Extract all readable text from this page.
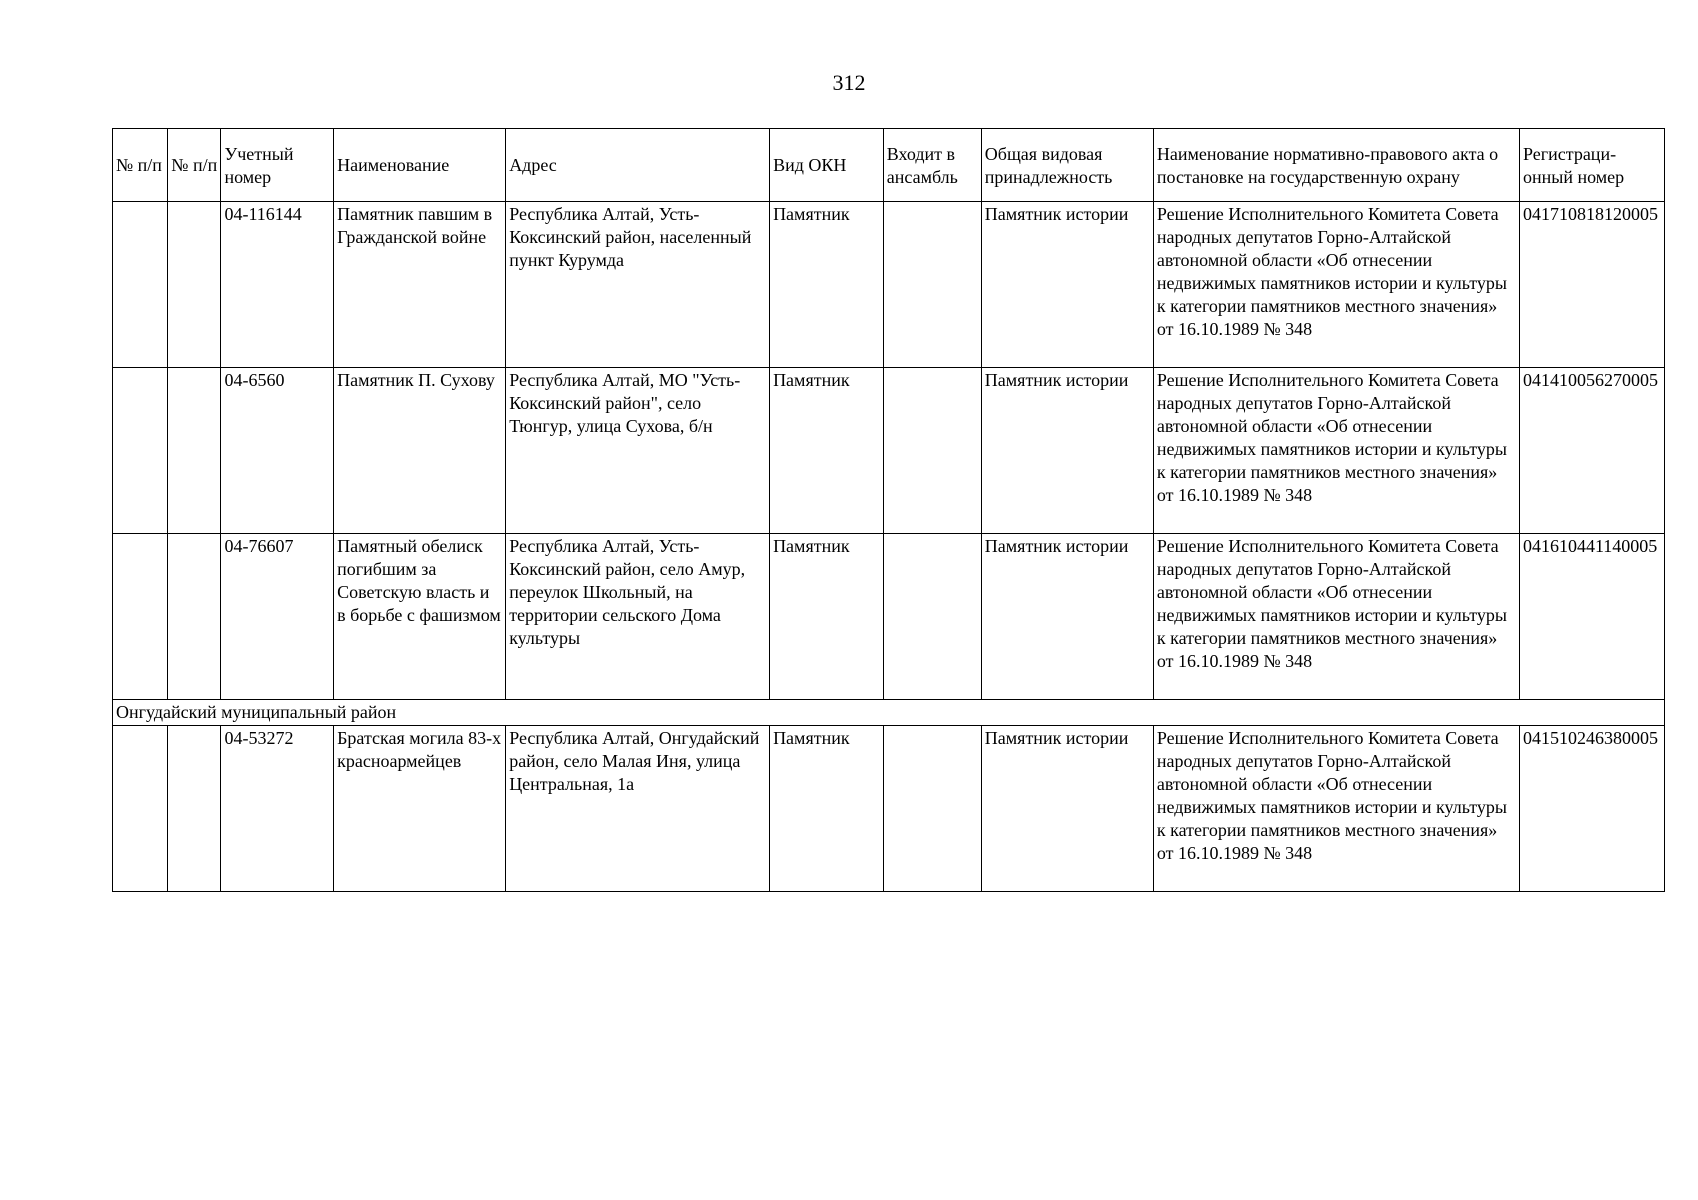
312
№ п/п	№ п/п	Учетный номер	Наименование	Адрес	Вид ОКН	Входит в ансамбль	Общая видовая принадлежность	Наименование нормативно-правового акта о постановке на государственную охрану	Регистраци-онный номер
		04-116144	Памятник павшим в Гражданской войне	Республика Алтай, Усть-Коксинский район, населенный пункт Курумда	Памятник		Памятник истории	Решение Исполнительного Комитета Совета народных депутатов Горно-Алтайской автономной области «Об отнесении недвижимых памятников истории и культуры к категории памятников местного значения» от 16.10.1989 № 348	041710818120005
		04-6560	Памятник П. Сухову	Республика Алтай, МО "Усть-Коксинский район", село Тюнгур, улица Сухова, б/н	Памятник		Памятник истории	Решение Исполнительного Комитета Совета народных депутатов Горно-Алтайской автономной области «Об отнесении недвижимых памятников истории и культуры к категории памятников местного значения» от 16.10.1989 № 348	041410056270005
		04-76607	Памятный обелиск погибшим за Советскую власть и в борьбе с фашизмом	Республика Алтай, Усть-Коксинский район, село Амур, переулок Школьный, на территории сельского Дома культуры	Памятник		Памятник истории	Решение Исполнительного Комитета Совета народных депутатов Горно-Алтайской автономной области «Об отнесении недвижимых памятников истории и культуры к категории памятников местного значения» от 16.10.1989 № 348	041610441140005
Онгудайский муниципальный район									
		04-53272	Братская могила 83-х красноармейцев	Республика Алтай, Онгудайский район, село Малая Иня, улица Центральная, 1а	Памятник		Памятник истории	Решение Исполнительного Комитета Совета народных депутатов Горно-Алтайской автономной области «Об отнесении недвижимых памятников истории и культуры к категории памятников местного значения» от 16.10.1989 № 348	041510246380005
